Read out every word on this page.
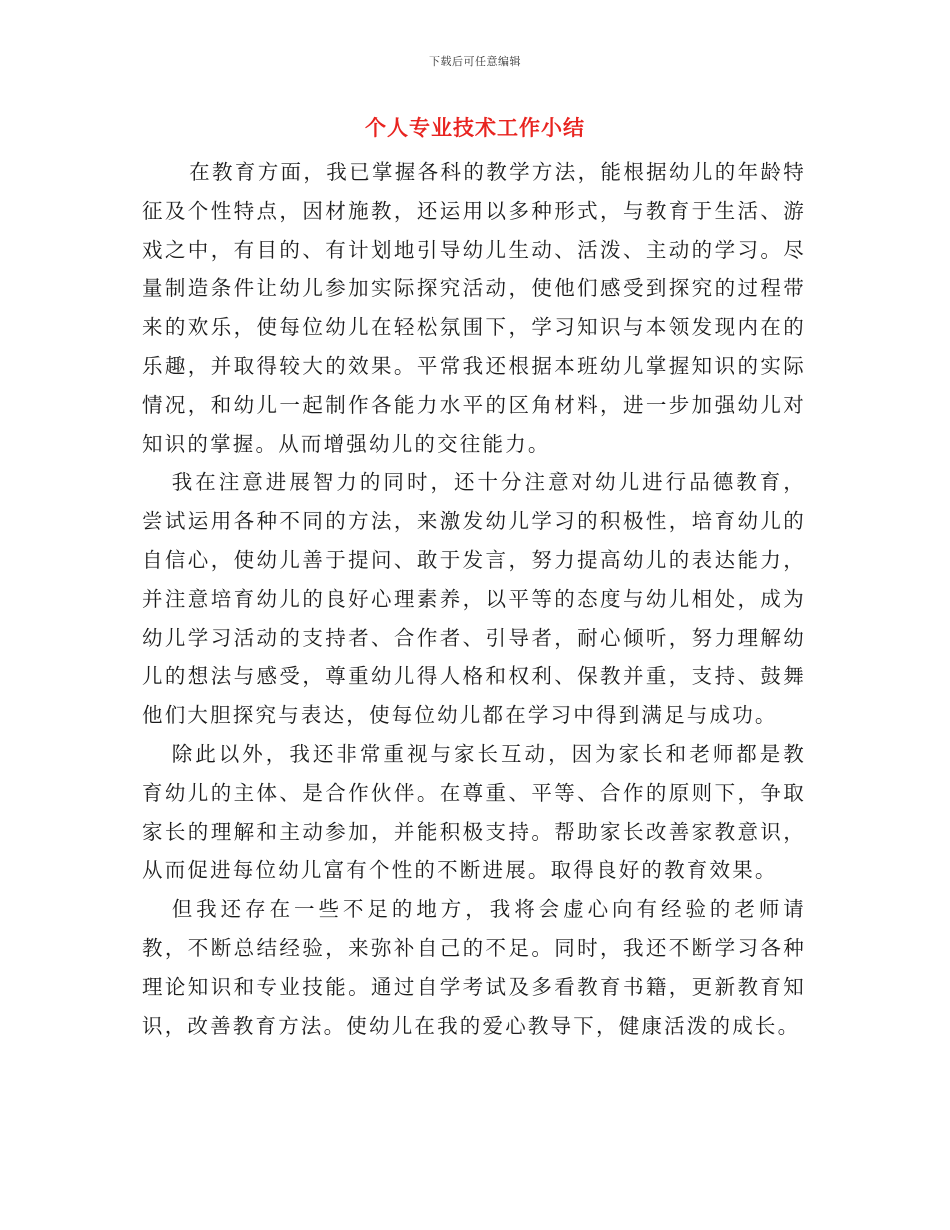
下载后可任意编辑
个人专业技术工作小结

在教育方面，我已掌握各科的教学方法，能根据幼儿的年龄特征及个性特点，因材施教，还运用以多种形式，与教育于生活、游戏之中，有目的、有计划地引导幼儿生动、活泼、主动的学习。尽量制造条件让幼儿参加实际探究活动，使他们感受到探究的过程带来的欢乐，使每位幼儿在轻松氛围下，学习知识与本领发现内在的乐趣，并取得较大的效果。平常我还根据本班幼儿掌握知识的实际情况，和幼儿一起制作各能力水平的区角材料，进一步加强幼儿对知识的掌握。从而增强幼儿的交往能力。

我在注意进展智力的同时，还十分注意对幼儿进行品德教育，尝试运用各种不同的方法，来激发幼儿学习的积极性，培育幼儿的自信心，使幼儿善于提问、敢于发言，努力提高幼儿的表达能力，并注意培育幼儿的良好心理素养，以平等的态度与幼儿相处，成为幼儿学习活动的支持者、合作者、引导者，耐心倾听，努力理解幼儿的想法与感受，尊重幼儿得人格和权利、保教并重，支持、鼓舞他们大胆探究与表达，使每位幼儿都在学习中得到满足与成功。

除此以外，我还非常重视与家长互动，因为家长和老师都是教育幼儿的主体、是合作伙伴。在尊重、平等、合作的原则下，争取家长的理解和主动参加，并能积极支持。帮助家长改善家教意识，从而促进每位幼儿富有个性的不断进展。取得良好的教育效果。

但我还存在一些不足的地方，我将会虚心向有经验的老师请教，不断总结经验，来弥补自己的不足。同时，我还不断学习各种理论知识和专业技能。通过自学考试及多看教育书籍，更新教育知识，改善教育方法。使幼儿在我的爱心教导下，健康活泼的成长。
